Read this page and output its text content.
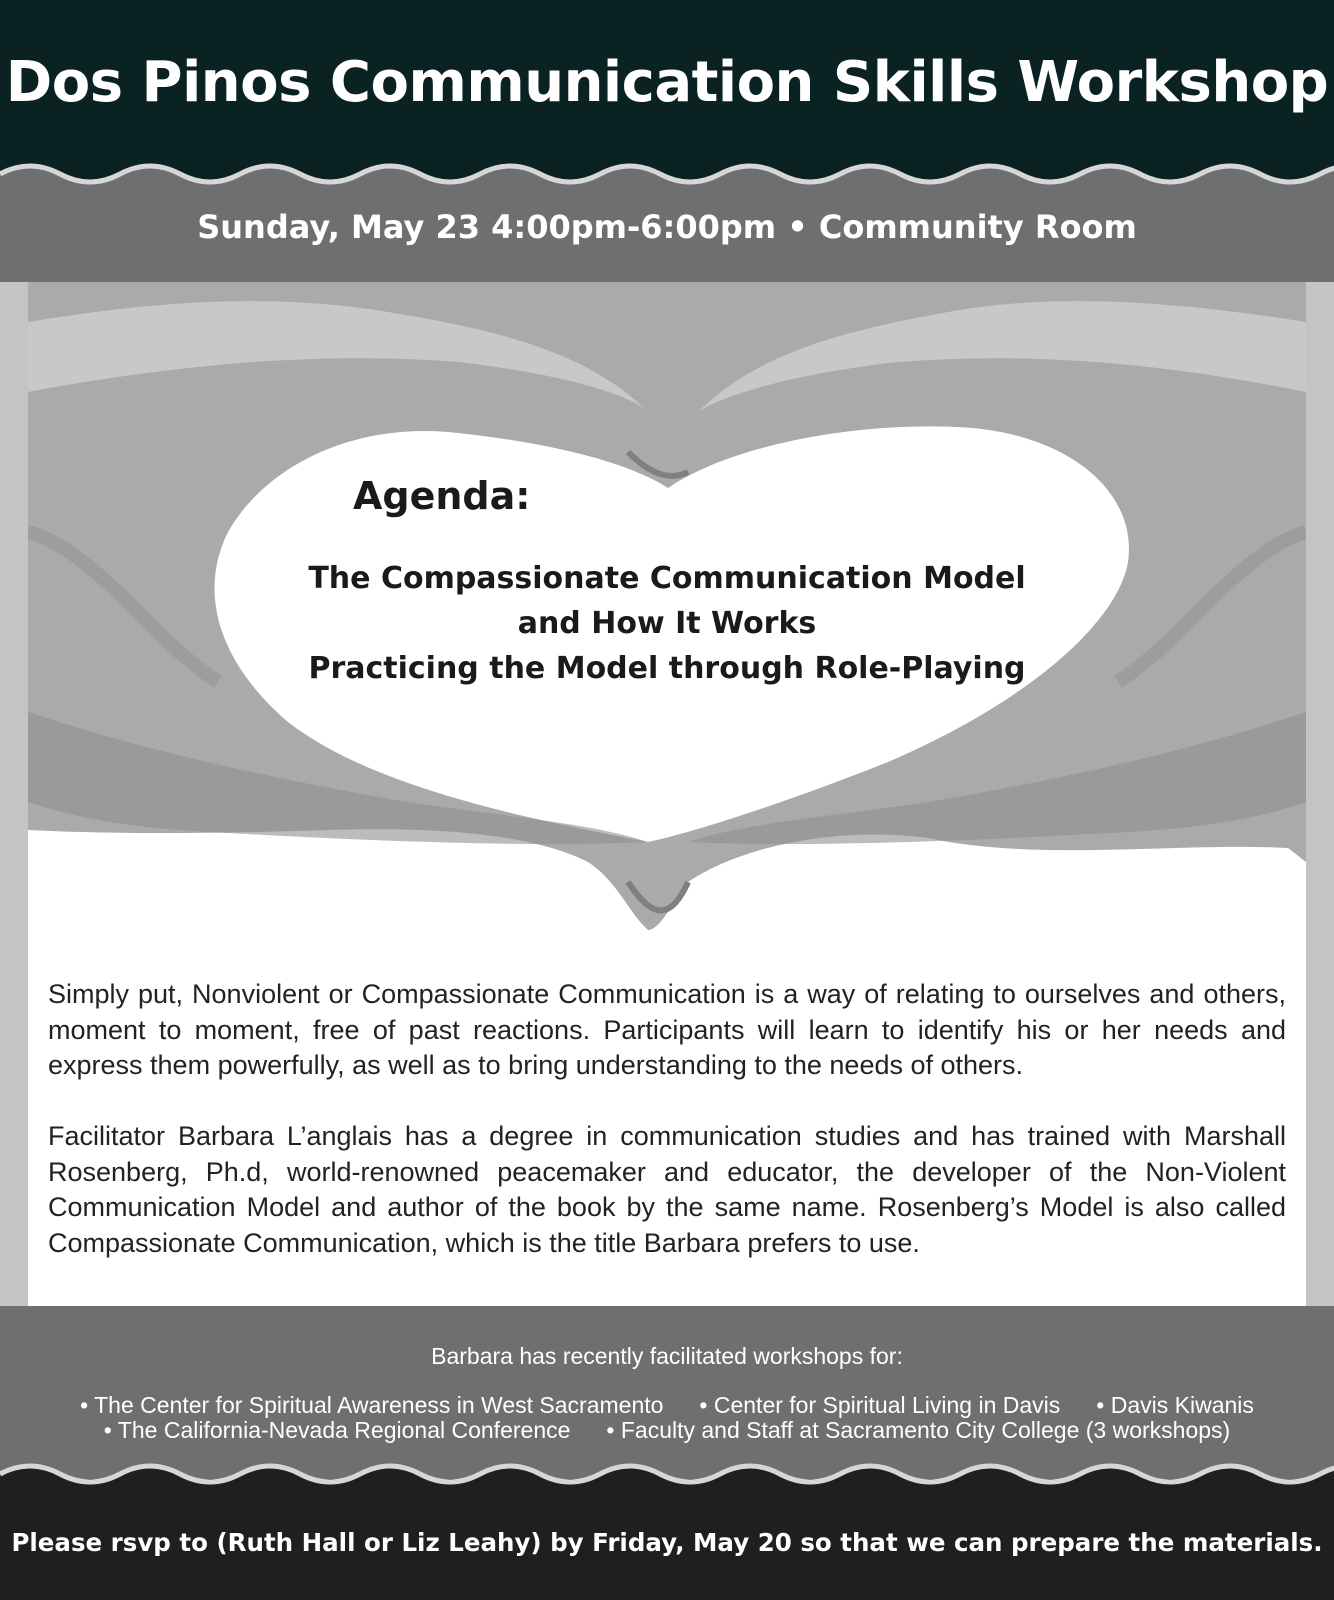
Dos Pinos Communication Skills Workshop
Sunday, May 23 4:00pm-6:00pm • Community Room
Agenda:
The Compassionate Communication Model
and How It Works
Practicing the Model through Role-Playing
Simply put, Nonviolent or Compassionate Communication is a way of relating to ourselves and others, moment to moment, free of past reactions. Participants will learn to identify his or her needs and express them powerfully, as well as to bring understanding to the needs of others.
Facilitator Barbara L’anglais has a degree in communication studies and has trained with Marshall Rosenberg, Ph.d, world-renowned peacemaker and educator, the developer of the Non-Violent Communication Model and author of the book by the same name. Rosenberg’s Model is also called Compassionate Communication, which is the title Barbara prefers to use.
Barbara has recently facilitated workshops for:
• The Center for Spiritual Awareness in West Sacramento • Center for Spiritual Living in Davis • Davis Kiwanis
• The California-Nevada Regional Conference • Faculty and Staff at Sacramento City College (3 workshops)
Please rsvp to (Ruth Hall or Liz Leahy) by Friday, May 20 so that we can prepare the materials.
